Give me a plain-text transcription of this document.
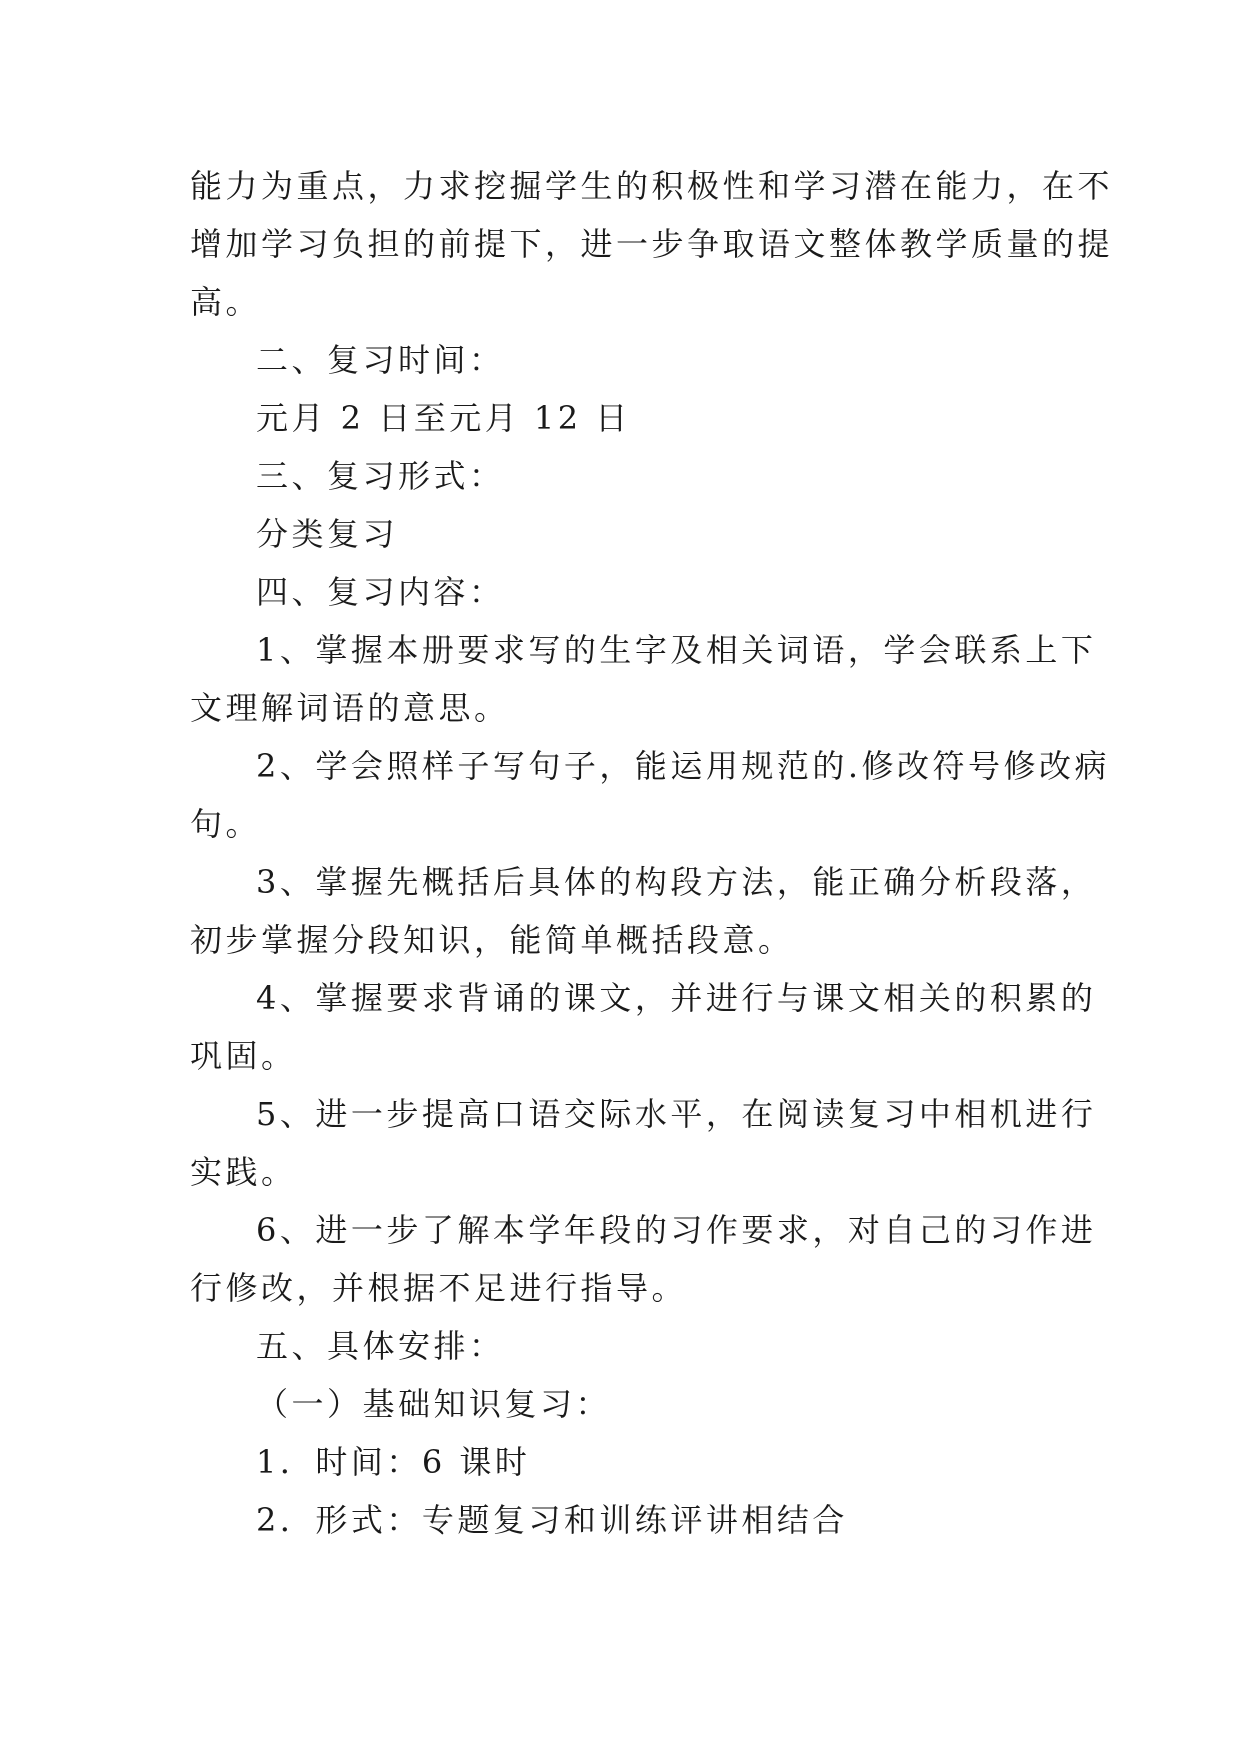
能力为重点，力求挖掘学生的积极性和学习潜在能力，在不
增加学习负担的前提下，进一步争取语文整体教学质量的提
高。

二、复习时间：

元月 2 日至元月 12 日

三、复习形式：

分类复习

四、复习内容：

1、掌握本册要求写的生字及相关词语，学会联系上下
文理解词语的意思。

2、学会照样子写句子，能运用规范的.修改符号修改病
句。

3、掌握先概括后具体的构段方法，能正确分析段落，
初步掌握分段知识，能简单概括段意。

4、掌握要求背诵的课文，并进行与课文相关的积累的
巩固。

5、进一步提高口语交际水平，在阅读复习中相机进行
实践。

6、进一步了解本学年段的习作要求，对自己的习作进
行修改，并根据不足进行指导。

五、具体安排：

（一）基础知识复习：

1．时间：6 课时

2．形式：专题复习和训练评讲相结合
